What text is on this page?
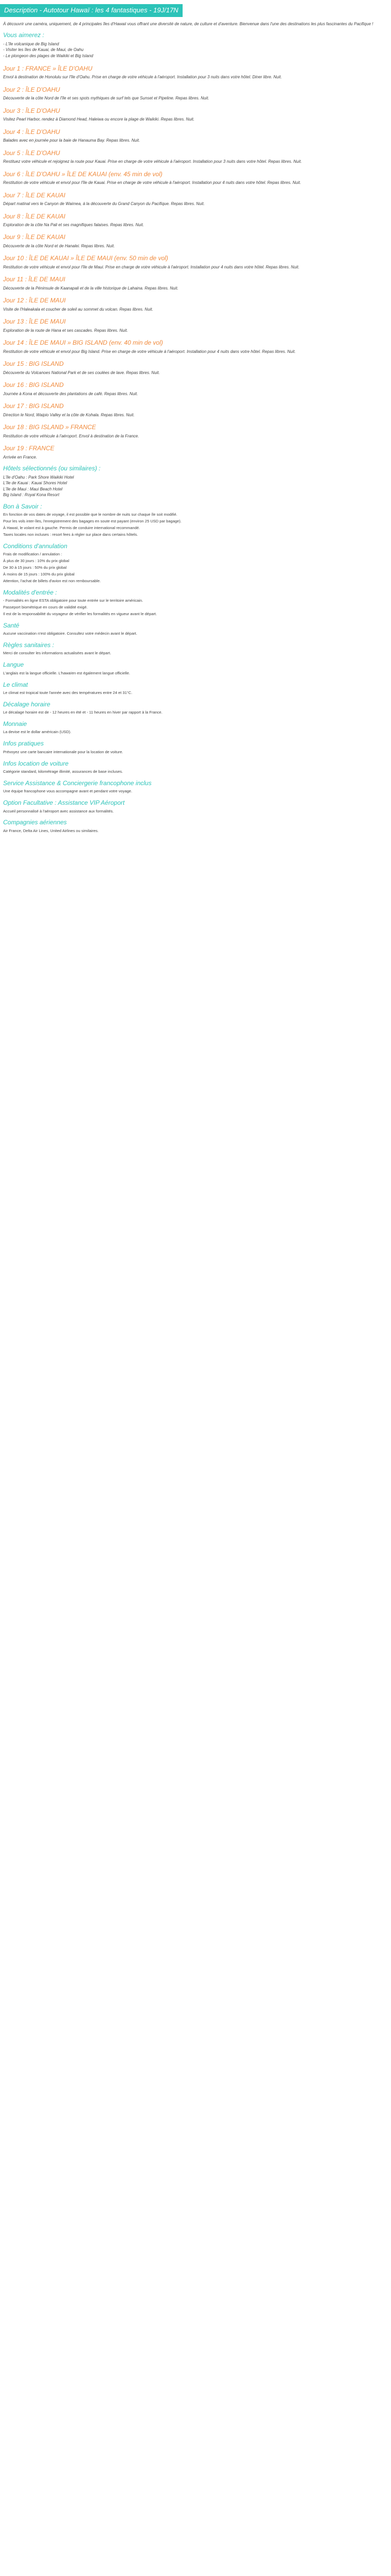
Description - Autotour Hawaï : les 4 fantastiques - 19J/17N
À découvrir une caméra, uniquement, de 4 principales îles d'Hawaii vous offrant une diversité de nature, de culture et d'aventure. Bienvenue dans l'une des destinations les plus fascinantes du Pacifique !
Vous aimerez :
- L'île volcanique de Big Island
- Visiter les îles de Kauai, de Maui, de Oahu
- Le plongeon des plages de Waikiki et Big Island
Jour 1 : FRANCE » ÎLE D'OAHU
Envol à destination de Honolulu sur l'île d'Oahu. Prise en charge de votre véhicule à l'aéroport. Installation pour 3 nuits dans votre hôtel. Diner libre. Nuit.
Jour 2 : ÎLE D'OAHU
Découverte de la côte Nord de l'île et ses spots mythiques de surf tels que Sunset et Pipeline. Repas libres. Nuit.
Jour 3 : ÎLE D'OAHU
Visitez Pearl Harbor, rendez à Diamond Head, Haleiwa ou encore la plage de Waikiki. Repas libres. Nuit.
Jour 4 : ÎLE D'OAHU
Balades avec en journée pour la baie de Hanauma Bay. Repas libres. Nuit.
Jour 5 : ÎLE D'OAHU
Restituez votre véhicule et rejoignez la route pour Kauai. Prise en charge de votre véhicule à l'aéroport. Installation pour 3 nuits dans votre hôtel. Repas libres. Nuit.
Jour 6 : ÎLE D'OAHU » ÎLE DE KAUAI (env. 45 min de vol)
Restitution de votre véhicule et envol pour l'île de Kauai. Prise en charge de votre véhicule à l'aéroport. Installation pour 4 nuits dans votre hôtel. Repas libres. Nuit.
Jour 7 : ÎLE DE KAUAI
Départ matinal vers le Canyon de Waimea, à la découverte du Grand Canyon du Pacifique. Repas libres. Nuit.
Jour 8 : ÎLE DE KAUAI
Exploration de la côte Na Pali et ses magnifiques falaises. Repas libres. Nuit.
Jour 9 : ÎLE DE KAUAI
Découverte de la côte Nord et de Hanalei. Repas libres. Nuit.
Jour 10 : ÎLE DE KAUAI » ÎLE DE MAUI (env. 50 min de vol)
Restitution de votre véhicule et envol pour l'île de Maui. Prise en charge de votre véhicule à l'aéroport. Installation pour 4 nuits dans votre hôtel. Repas libres. Nuit.
Jour 11 : ÎLE DE MAUI
Découverte de la Péninsule de Kaanapali et de la ville historique de Lahaina. Repas libres. Nuit.
Jour 12 : ÎLE DE MAUI
Visite de l'Haleakala et coucher de soleil au sommet du volcan. Repas libres. Nuit.
Jour 13 : ÎLE DE MAUI
Exploration de la route de Hana et ses cascades. Repas libres. Nuit.
Jour 14 : ÎLE DE MAUI » BIG ISLAND (env. 40 min de vol)
Restitution de votre véhicule et envol pour Big Island. Prise en charge de votre véhicule à l'aéroport. Installation pour 4 nuits dans votre hôtel. Repas libres. Nuit.
Jour 15 : BIG ISLAND
Découverte du Volcanoes National Park et de ses coulées de lave. Repas libres. Nuit.
Jour 16 : BIG ISLAND
Journée à Kona et découverte des plantations de café. Repas libres. Nuit.
Jour 17 : BIG ISLAND
Direction le Nord, Waipio Valley et la côte de Kohala. Repas libres. Nuit.
Jour 18 : BIG ISLAND » FRANCE
Restitution de votre véhicule à l'aéroport. Envol à destination de la France.
Jour 19 : FRANCE
Arrivée en France.
Hôtels sélectionnés (ou similaires) :
L'île d'Oahu : Park Shore Waikiki Hotel
L'île de Kauai : Kauai Shores Hotel
L'île de Maui : Maui Beach Hotel
Big Island : Royal Kona Resort
Bon à Savoir :
En fonction de vos dates de voyage, il est possible que le nombre de nuits sur chaque île soit modifié.
Pour les vols inter-îles, l'enregistrement des bagages en soute est payant (environ 25 USD par bagage).
À Hawaï, le volant est à gauche. Permis de conduire international recommandé.
Taxes locales non incluses : resort fees à régler sur place dans certains hôtels.
Conditions d'annulation
Frais de modification / annulation :
À plus de 30 jours : 10% du prix global
De 30 à 15 jours : 50% du prix global
À moins de 15 jours : 100% du prix global
Attention, l'achat de billets d'avion est non remboursable.
Modalités d'entrée :
- Formalités en ligne ESTA obligatoire pour toute entrée sur le territoire américain.
Passeport biométrique en cours de validité exigé.
Il est de la responsabilité du voyageur de vérifier les formalités en vigueur avant le départ.
Santé
Aucune vaccination n'est obligatoire. Consultez votre médecin avant le départ.
Règles sanitaires :
Merci de consulter les informations actualisées avant le départ.
Langue
L'anglais est la langue officielle. L'hawaïen est également langue officielle.
Le climat
Le climat est tropical toute l'année avec des températures entre 24 et 31°C.
Décalage horaire
Le décalage horaire est de - 12 heures en été et - 11 heures en hiver par rapport à la France.
Monnaie
La devise est le dollar américain (USD).
Infos pratiques
Prévoyez une carte bancaire internationale pour la location de voiture.
Infos location de voiture
Catégorie standard, kilométrage illimité, assurances de base incluses.
Service Assistance & Conciergerie francophone inclus
Une équipe francophone vous accompagne avant et pendant votre voyage.
Option Facultative : Assistance VIP Aéroport
Accueil personnalisé à l'aéroport avec assistance aux formalités.
Compagnies aériennes
Air France, Delta Air Lines, United Airlines ou similaires.
